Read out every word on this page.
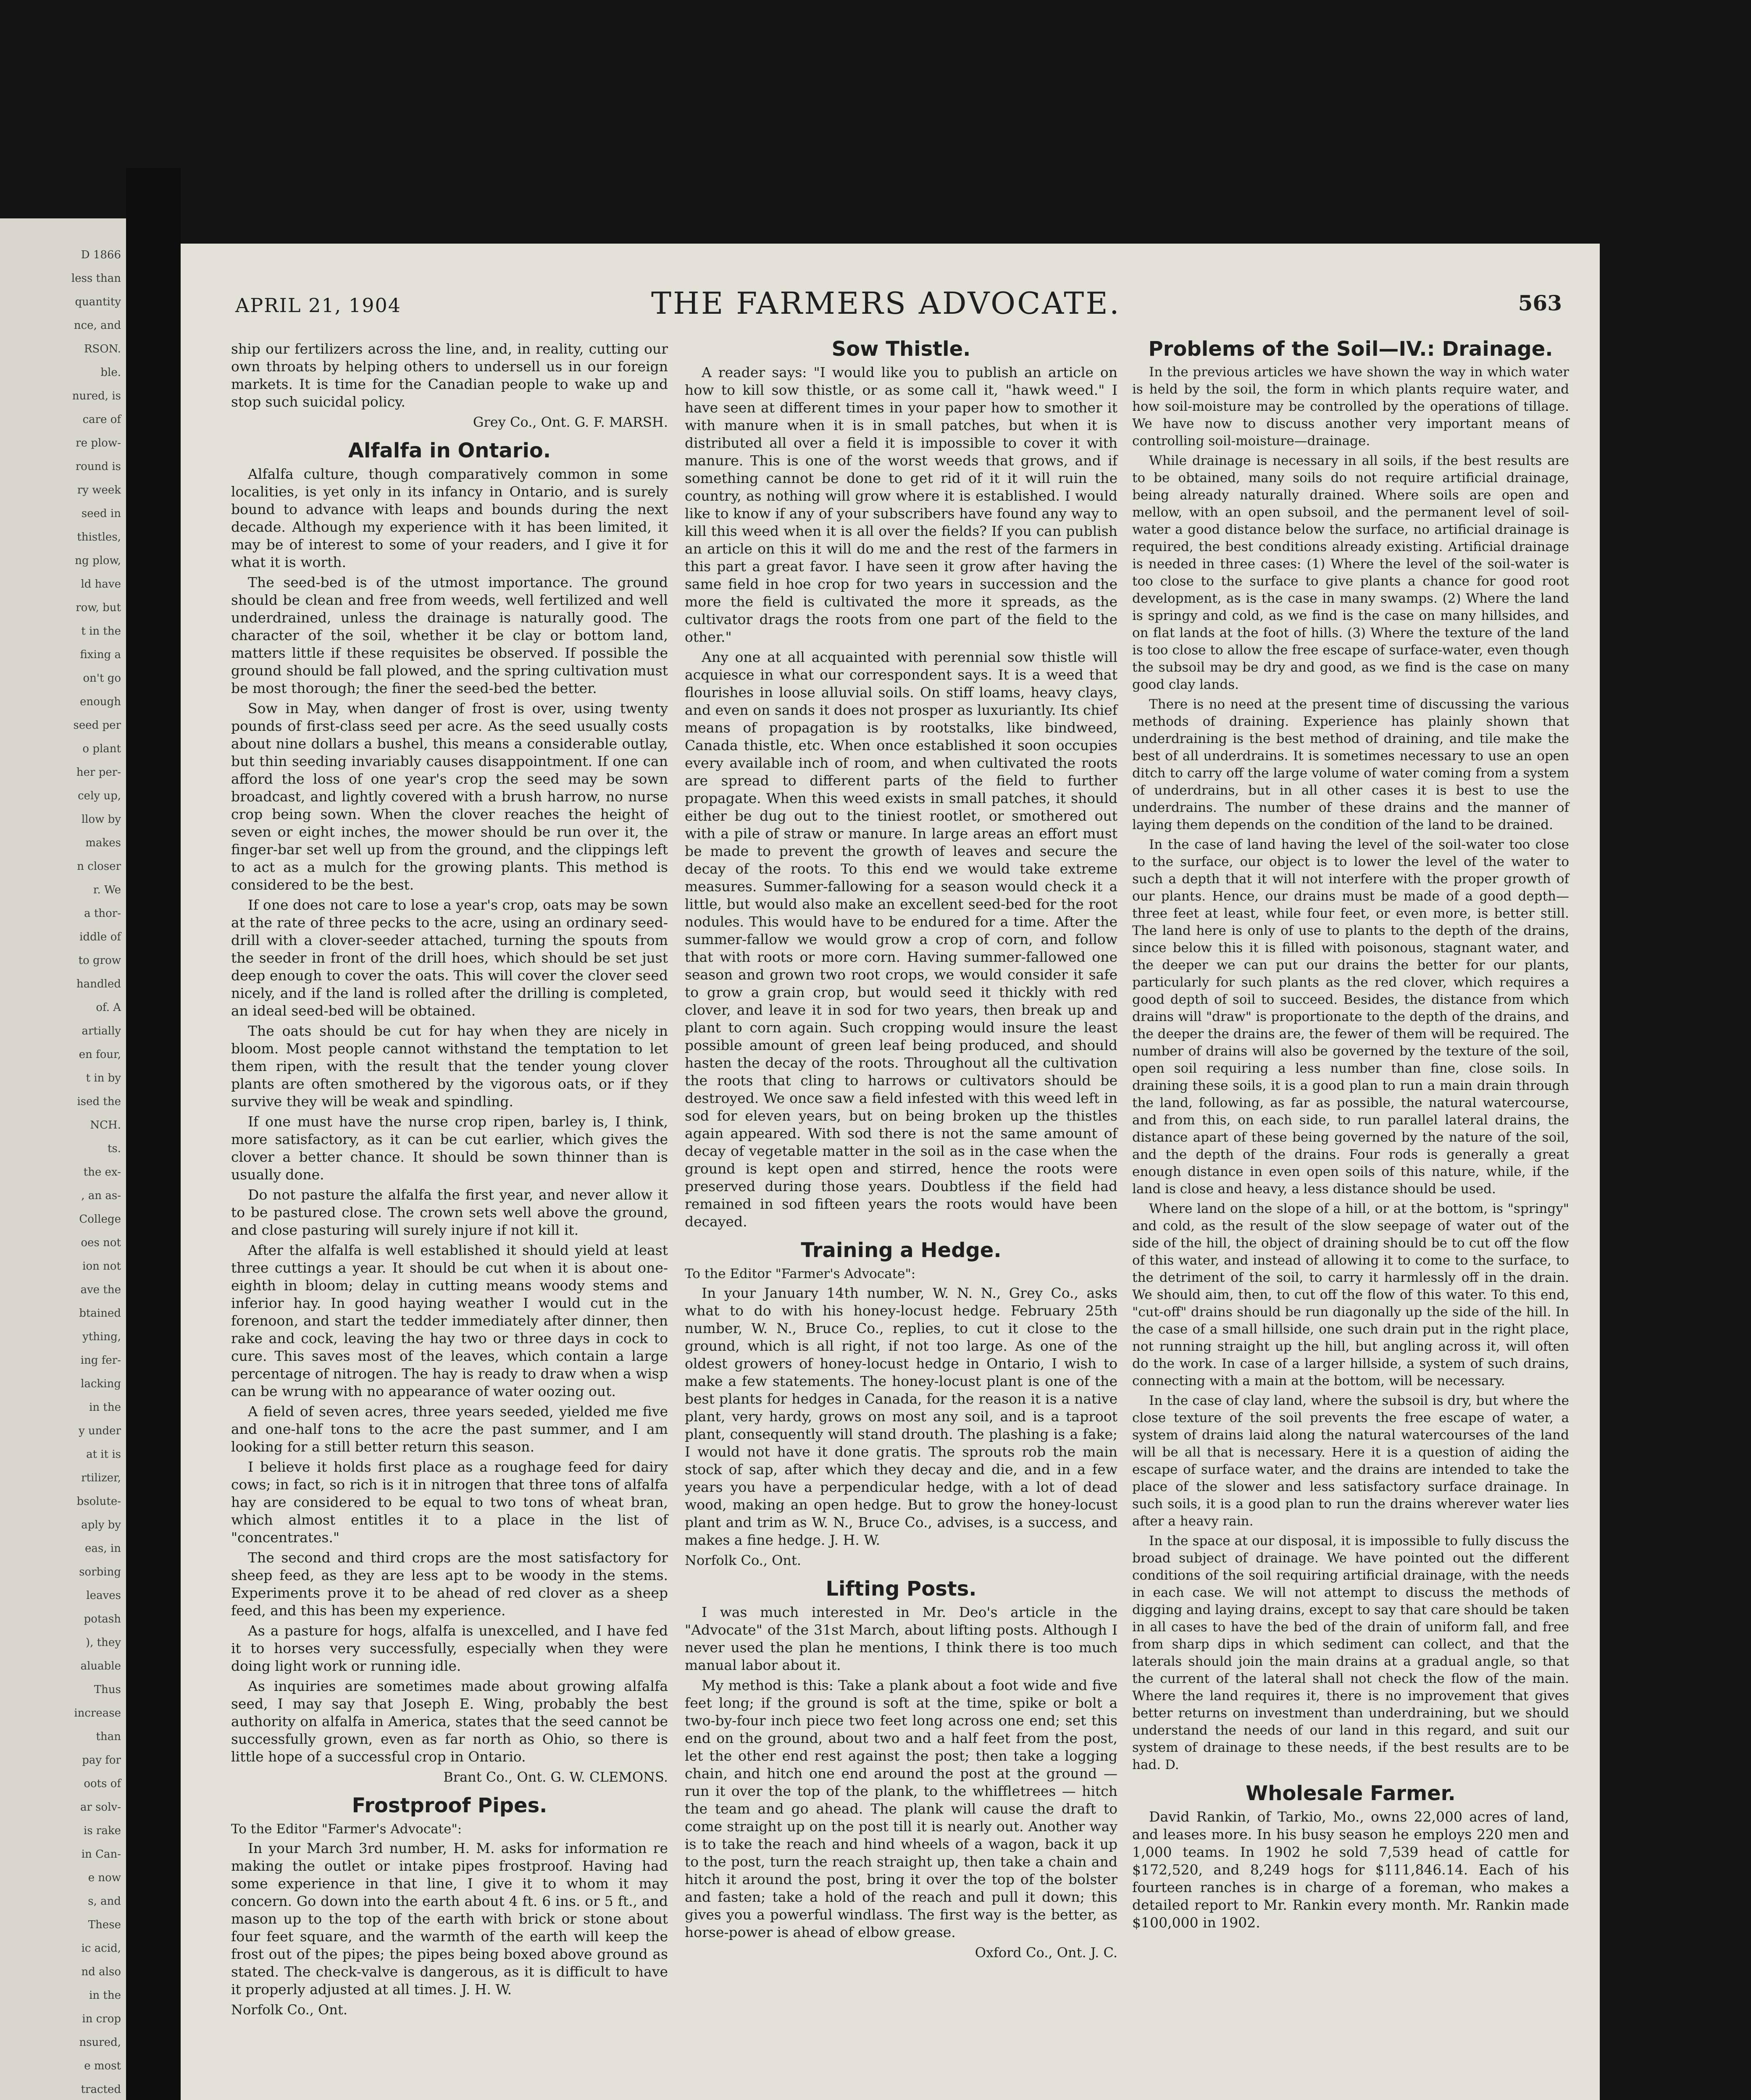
D 1866
less than
quantity
nce, and
RSON.
ble.
nured, is
care of
re plow-
round is
ry week
seed in
thistles,
ng plow,
ld have
row, but
t in the
fixing a
on't go
enough
seed per
o plant
her per-
cely up,
llow by
makes
n closer
r. We
a thor-
iddle of
to grow
handled
of. A
artially
en four,
t in by
ised the
NCH.
ts.
the ex-
, an as-
College
oes not
ion not
ave the
btained
ything,
ing fer-
lacking
in the
y under
at it is
rtilizer,
bsolute-
aply by
eas, in
sorbing
leaves
potash
), they
aluable
Thus
increase
than
pay for
oots of
ar solv-
is rake
in Can-
e now
s, and
These
ic acid,
nd also
in the
in crop
nsured,
e most
tracted
APRIL 21, 1904	THE FARMERS ADVOCATE.	563

ship our fertilizers across the line, and, in reality, cutting our own throats by helping others to undersell us in our foreign markets. It is time for the Canadian people to wake up and stop such suicidal policy.

Grey Co., Ont. G. F. MARSH.
Alfalfa in Ontario.

Alfalfa culture, though comparatively common in some localities, is yet only in its infancy in Ontario, and is surely bound to advance with leaps and bounds during the next decade. Although my experience with it has been limited, it may be of interest to some of your readers, and I give it for what it is worth.

The seed-bed is of the utmost importance. The ground should be clean and free from weeds, well fertilized and well underdrained, unless the drainage is naturally good. The character of the soil, whether it be clay or bottom land, matters little if these requisites be observed. If possible the ground should be fall plowed, and the spring cultivation must be most thorough; the finer the seed-bed the better.

Sow in May, when danger of frost is over, using twenty pounds of first-class seed per acre. As the seed usually costs about nine dollars a bushel, this means a considerable outlay, but thin seeding invariably causes disappointment. If one can afford the loss of one year's crop the seed may be sown broadcast, and lightly covered with a brush harrow, no nurse crop being sown. When the clover reaches the height of seven or eight inches, the mower should be run over it, the finger-bar set well up from the ground, and the clippings left to act as a mulch for the growing plants. This method is considered to be the best.

If one does not care to lose a year's crop, oats may be sown at the rate of three pecks to the acre, using an ordinary seed-drill with a clover-seeder attached, turning the spouts from the seeder in front of the drill hoes, which should be set just deep enough to cover the oats. This will cover the clover seed nicely, and if the land is rolled after the drilling is completed, an ideal seed-bed will be obtained.

The oats should be cut for hay when they are nicely in bloom. Most people cannot withstand the temptation to let them ripen, with the result that the tender young clover plants are often smothered by the vigorous oats, or if they survive they will be weak and spindling.

If one must have the nurse crop ripen, barley is, I think, more satisfactory, as it can be cut earlier, which gives the clover a better chance. It should be sown thinner than is usually done.

Do not pasture the alfalfa the first year, and never allow it to be pastured close. The crown sets well above the ground, and close pasturing will surely injure if not kill it.

After the alfalfa is well established it should yield at least three cuttings a year. It should be cut when it is about one-eighth in bloom; delay in cutting means woody stems and inferior hay. In good haying weather I would cut in the forenoon, and start the tedder immediately after dinner, then rake and cock, leaving the hay two or three days in cock to cure. This saves most of the leaves, which contain a large percentage of nitrogen. The hay is ready to draw when a wisp can be wrung with no appearance of water oozing out.

A field of seven acres, three years seeded, yielded me five and one-half tons to the acre the past summer, and I am looking for a still better return this season.

I believe it holds first place as a roughage feed for dairy cows; in fact, so rich is it in nitrogen that three tons of alfalfa hay are considered to be equal to two tons of wheat bran, which almost entitles it to a place in the list of "concentrates."

The second and third crops are the most satisfactory for sheep feed, as they are less apt to be woody in the stems. Experiments prove it to be ahead of red clover as a sheep feed, and this has been my experience.

As a pasture for hogs, alfalfa is unexcelled, and I have fed it to horses very successfully, especially when they were doing light work or running idle.

As inquiries are sometimes made about growing alfalfa seed, I may say that Joseph E. Wing, probably the best authority on alfalfa in America, states that the seed cannot be successfully grown, even as far north as Ohio, so there is little hope of a successful crop in Ontario.

Brant Co., Ont. G. W. CLEMONS.
Frostproof Pipes.
To the Editor "Farmer's Advocate":

In your March 3rd number, H. M. asks for information re making the outlet or intake pipes frostproof. Having had some experience in that line, I give it to whom it may concern. Go down into the earth about 4 ft. 6 ins. or 5 ft., and mason up to the top of the earth with brick or stone about four feet square, and the warmth of the earth will keep the frost out of the pipes; the pipes being boxed above ground as stated. The check-valve is dangerous, as it is difficult to have it properly adjusted at all times. J. H. W.

Norfolk Co., Ont.
Sow Thistle.

A reader says: "I would like you to publish an article on how to kill sow thistle, or as some call it, "hawk weed." I have seen at different times in your paper how to smother it with manure when it is in small patches, but when it is distributed all over a field it is impossible to cover it with manure. This is one of the worst weeds that grows, and if something cannot be done to get rid of it it will ruin the country, as nothing will grow where it is established. I would like to know if any of your subscribers have found any way to kill this weed when it is all over the fields? If you can publish an article on this it will do me and the rest of the farmers in this part a great favor. I have seen it grow after having the same field in hoe crop for two years in succession and the more the field is cultivated the more it spreads, as the cultivator drags the roots from one part of the field to the other."

Any one at all acquainted with perennial sow thistle will acquiesce in what our correspondent says. It is a weed that flourishes in loose alluvial soils. On stiff loams, heavy clays, and even on sands it does not prosper as luxuriantly. Its chief means of propagation is by rootstalks, like bindweed, Canada thistle, etc. When once established it soon occupies every available inch of room, and when cultivated the roots are spread to different parts of the field to further propagate. When this weed exists in small patches, it should either be dug out to the tiniest rootlet, or smothered out with a pile of straw or manure. In large areas an effort must be made to prevent the growth of leaves and secure the decay of the roots. To this end we would take extreme measures. Summer-fallowing for a season would check it a little, but would also make an excellent seed-bed for the root nodules. This would have to be endured for a time. After the summer-fallow we would grow a crop of corn, and follow that with roots or more corn. Having summer-fallowed one season and grown two root crops, we would consider it safe to grow a grain crop, but would seed it thickly with red clover, and leave it in sod for two years, then break up and plant to corn again. Such cropping would insure the least possible amount of green leaf being produced, and should hasten the decay of the roots. Throughout all the cultivation the roots that cling to harrows or cultivators should be destroyed. We once saw a field infested with this weed left in sod for eleven years, but on being broken up the thistles again appeared. With sod there is not the same amount of decay of vegetable matter in the soil as in the case when the ground is kept open and stirred, hence the roots were preserved during those years. Doubtless if the field had remained in sod fifteen years the roots would have been decayed.

Training a Hedge.
To the Editor "Farmer's Advocate":

In your January 14th number, W. N. N., Grey Co., asks what to do with his honey-locust hedge. February 25th number, W. N., Bruce Co., replies, to cut it close to the ground, which is all right, if not too large. As one of the oldest growers of honey-locust hedge in Ontario, I wish to make a few statements. The honey-locust plant is one of the best plants for hedges in Canada, for the reason it is a native plant, very hardy, grows on most any soil, and is a taproot plant, consequently will stand drouth. The plashing is a fake; I would not have it done gratis. The sprouts rob the main stock of sap, after which they decay and die, and in a few years you have a perpendicular hedge, with a lot of dead wood, making an open hedge. But to grow the honey-locust plant and trim as W. N., Bruce Co., advises, is a success, and makes a fine hedge. J. H. W.

Norfolk Co., Ont.
Lifting Posts.

I was much interested in Mr. Deo's article in the "Advocate" of the 31st March, about lifting posts. Although I never used the plan he mentions, I think there is too much manual labor about it.

My method is this: Take a plank about a foot wide and five feet long; if the ground is soft at the time, spike or bolt a two-by-four inch piece two feet long across one end; set this end on the ground, about two and a half feet from the post, let the other end rest against the post; then take a logging chain, and hitch one end around the post at the ground — run it over the top of the plank, to the whiffletrees — hitch the team and go ahead. The plank will cause the draft to come straight up on the post till it is nearly out. Another way is to take the reach and hind wheels of a wagon, back it up to the post, turn the reach straight up, then take a chain and hitch it around the post, bring it over the top of the bolster and fasten; take a hold of the reach and pull it down; this gives you a powerful windlass. The first way is the better, as horse-power is ahead of elbow grease.

Oxford Co., Ont. J. C.
Problems of the Soil—IV.: Drainage.

In the previous articles we have shown the way in which water is held by the soil, the form in which plants require water, and how soil-moisture may be controlled by the operations of tillage. We have now to discuss another very important means of controlling soil-moisture—drainage.

While drainage is necessary in all soils, if the best results are to be obtained, many soils do not require artificial drainage, being already naturally drained. Where soils are open and mellow, with an open subsoil, and the permanent level of soil-water a good distance below the surface, no artificial drainage is required, the best conditions already existing. Artificial drainage is needed in three cases: (1) Where the level of the soil-water is too close to the surface to give plants a chance for good root development, as is the case in many swamps. (2) Where the land is springy and cold, as we find is the case on many hillsides, and on flat lands at the foot of hills. (3) Where the texture of the land is too close to allow the free escape of surface-water, even though the subsoil may be dry and good, as we find is the case on many good clay lands.

There is no need at the present time of discussing the various methods of draining. Experience has plainly shown that underdraining is the best method of draining, and tile make the best of all underdrains. It is sometimes necessary to use an open ditch to carry off the large volume of water coming from a system of underdrains, but in all other cases it is best to use the underdrains. The number of these drains and the manner of laying them depends on the condition of the land to be drained.

In the case of land having the level of the soil-water too close to the surface, our object is to lower the level of the water to such a depth that it will not interfere with the proper growth of our plants. Hence, our drains must be made of a good depth—three feet at least, while four feet, or even more, is better still. The land here is only of use to plants to the depth of the drains, since below this it is filled with poisonous, stagnant water, and the deeper we can put our drains the better for our plants, particularly for such plants as the red clover, which requires a good depth of soil to succeed. Besides, the distance from which drains will "draw" is proportionate to the depth of the drains, and the deeper the drains are, the fewer of them will be required. The number of drains will also be governed by the texture of the soil, open soil requiring a less number than fine, close soils. In draining these soils, it is a good plan to run a main drain through the land, following, as far as possible, the natural watercourse, and from this, on each side, to run parallel lateral drains, the distance apart of these being governed by the nature of the soil, and the depth of the drains. Four rods is generally a great enough distance in even open soils of this nature, while, if the land is close and heavy, a less distance should be used.

Where land on the slope of a hill, or at the bottom, is "springy" and cold, as the result of the slow seepage of water out of the side of the hill, the object of draining should be to cut off the flow of this water, and instead of allowing it to come to the surface, to the detriment of the soil, to carry it harmlessly off in the drain. We should aim, then, to cut off the flow of this water. To this end, "cut-off" drains should be run diagonally up the side of the hill. In the case of a small hillside, one such drain put in the right place, not running straight up the hill, but angling across it, will often do the work. In case of a larger hillside, a system of such drains, connecting with a main at the bottom, will be necessary.

In the case of clay land, where the subsoil is dry, but where the close texture of the soil prevents the free escape of water, a system of drains laid along the natural watercourses of the land will be all that is necessary. Here it is a question of aiding the escape of surface water, and the drains are intended to take the place of the slower and less satisfactory surface drainage. In such soils, it is a good plan to run the drains wherever water lies after a heavy rain.

In the space at our disposal, it is impossible to fully discuss the broad subject of drainage. We have pointed out the different conditions of the soil requiring artificial drainage, with the needs in each case. We will not attempt to discuss the methods of digging and laying drains, except to say that care should be taken in all cases to have the bed of the drain of uniform fall, and free from sharp dips in which sediment can collect, and that the laterals should join the main drains at a gradual angle, so that the current of the lateral shall not check the flow of the main. Where the land requires it, there is no improvement that gives better returns on investment than underdraining, but we should understand the needs of our land in this regard, and suit our system of drainage to these needs, if the best results are to be had. D.

Wholesale Farmer.

David Rankin, of Tarkio, Mo., owns 22,000 acres of land, and leases more. In his busy season he employs 220 men and 1,000 teams. In 1902 he sold 7,539 head of cattle for $172,520, and 8,249 hogs for $111,846.14. Each of his fourteen ranches is in charge of a foreman, who makes a detailed report to Mr. Rankin every month. Mr. Rankin made $100,000 in 1902.
